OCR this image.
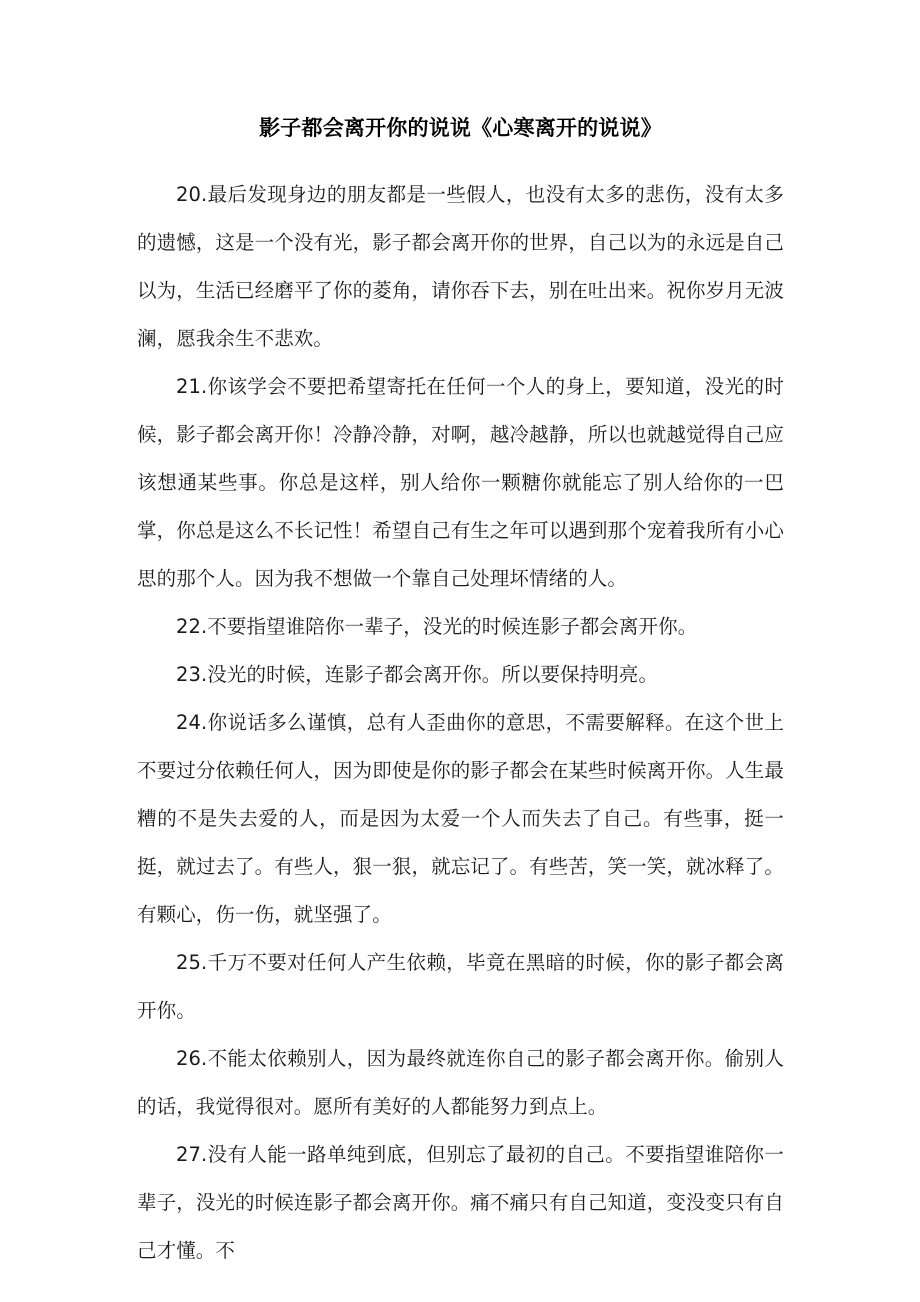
影子都会离开你的说说《心寒离开的说说》

20.最后发现身边的朋友都是一些假人，也没有太多的悲伤，没有太多的遗憾，这是一个没有光，影子都会离开你的世界，自己以为的永远是自己以为，生活已经磨平了你的菱角，请你吞下去，别在吐出来。祝你岁月无波澜，愿我余生不悲欢。

21.你该学会不要把希望寄托在任何一个人的身上，要知道，没光的时候，影子都会离开你！冷静冷静，对啊，越冷越静，所以也就越觉得自己应该想通某些事。你总是这样，别人给你一颗糖你就能忘了别人给你的一巴掌，你总是这么不长记性！希望自己有生之年可以遇到那个宠着我所有小心思的那个人。因为我不想做一个靠自己处理坏情绪的人。

22.不要指望谁陪你一辈子，没光的时候连影子都会离开你。

23.没光的时候，连影子都会离开你。所以要保持明亮。

24.你说话多么谨慎，总有人歪曲你的意思，不需要解释。在这个世上不要过分依赖任何人，因为即使是你的影子都会在某些时候离开你。人生最糟的不是失去爱的人，而是因为太爱一个人而失去了自己。有些事，挺一挺，就过去了。有些人，狠一狠，就忘记了。有些苦，笑一笑，就冰释了。有颗心，伤一伤，就坚强了。

25.千万不要对任何人产生依赖，毕竟在黑暗的时候，你的影子都会离开你。

26.不能太依赖别人，因为最终就连你自己的影子都会离开你。偷别人的话，我觉得很对。愿所有美好的人都能努力到点上。

27.没有人能一路单纯到底，但别忘了最初的自己。不要指望谁陪你一辈子，没光的时候连影子都会离开你。痛不痛只有自己知道，变没变只有自己才懂。不
